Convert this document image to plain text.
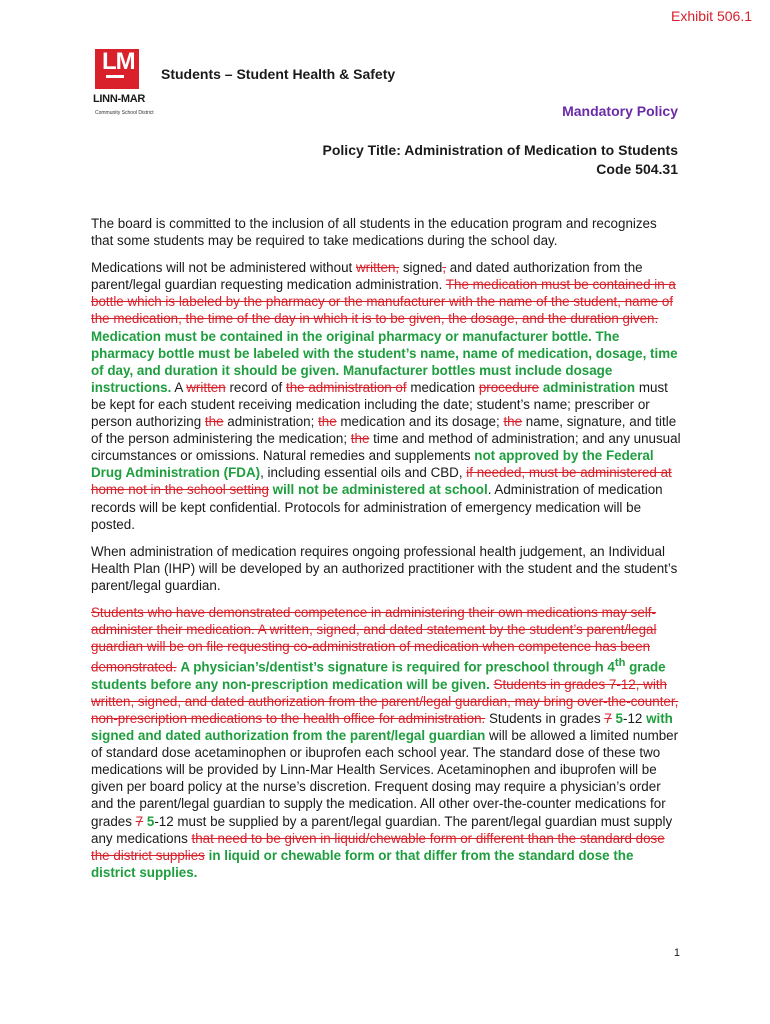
Exhibit 506.1
LM
LINN-MAR
Community School District
Students – Student Health & Safety
Mandatory Policy
Policy Title: Administration of Medication to Students
Code 504.31

The board is committed to the inclusion of all students in the education program and recognizes that some students may be required to take medications during the school day.

Medications will not be administered without written, signed, and dated authorization from the parent/legal guardian requesting medication administration. The medication must be contained in a bottle which is labeled by the pharmacy or the manufacturer with the name of the student, name of the medication, the time of the day in which it is to be given, the dosage, and the duration given. Medication must be contained in the original pharmacy or manufacturer bottle. The pharmacy bottle must be labeled with the student’s name, name of medication, dosage, time of day, and duration it should be given. Manufacturer bottles must include dosage instructions. A written record of the administration of medication procedure administration must be kept for each student receiving medication including the date; student’s name; prescriber or person authorizing the administration; the medication and its dosage; the name, signature, and title of the person administering the medication; the time and method of administration; and any unusual circumstances or omissions. Natural remedies and supplements not approved by the Federal Drug Administration (FDA), including essential oils and CBD, if needed, must be administered at home not in the school setting will not be administered at school. Administration of medication records will be kept confidential. Protocols for administration of emergency medication will be posted.

When administration of medication requires ongoing professional health judgement, an Individual Health Plan (IHP) will be developed by an authorized practitioner with the student and the student’s parent/legal guardian.

Students who have demonstrated competence in administering their own medications may self-administer their medication. A written, signed, and dated statement by the student’s parent/legal guardian will be on file requesting co-administration of medication when competence has been demonstrated. A physician’s/dentist’s signature is required for preschool through 4th grade students before any non-prescription medication will be given. Students in grades 7-12, with written, signed, and dated authorization from the parent/legal guardian, may bring over-the-counter, non-prescription medications to the health office for administration. Students in grades 7 5-12 with signed and dated authorization from the parent/legal guardian will be allowed a limited number of standard dose acetaminophen or ibuprofen each school year. The standard dose of these two medications will be provided by Linn-Mar Health Services. Acetaminophen and ibuprofen will be given per board policy at the nurse’s discretion. Frequent dosing may require a physician’s order and the parent/legal guardian to supply the medication. All other over-the-counter medications for grades 7 5-12 must be supplied by a parent/legal guardian. The parent/legal guardian must supply any medications that need to be given in liquid/chewable form or different than the standard dose the district supplies in liquid or chewable form or that differ from the standard dose the district supplies.

1
